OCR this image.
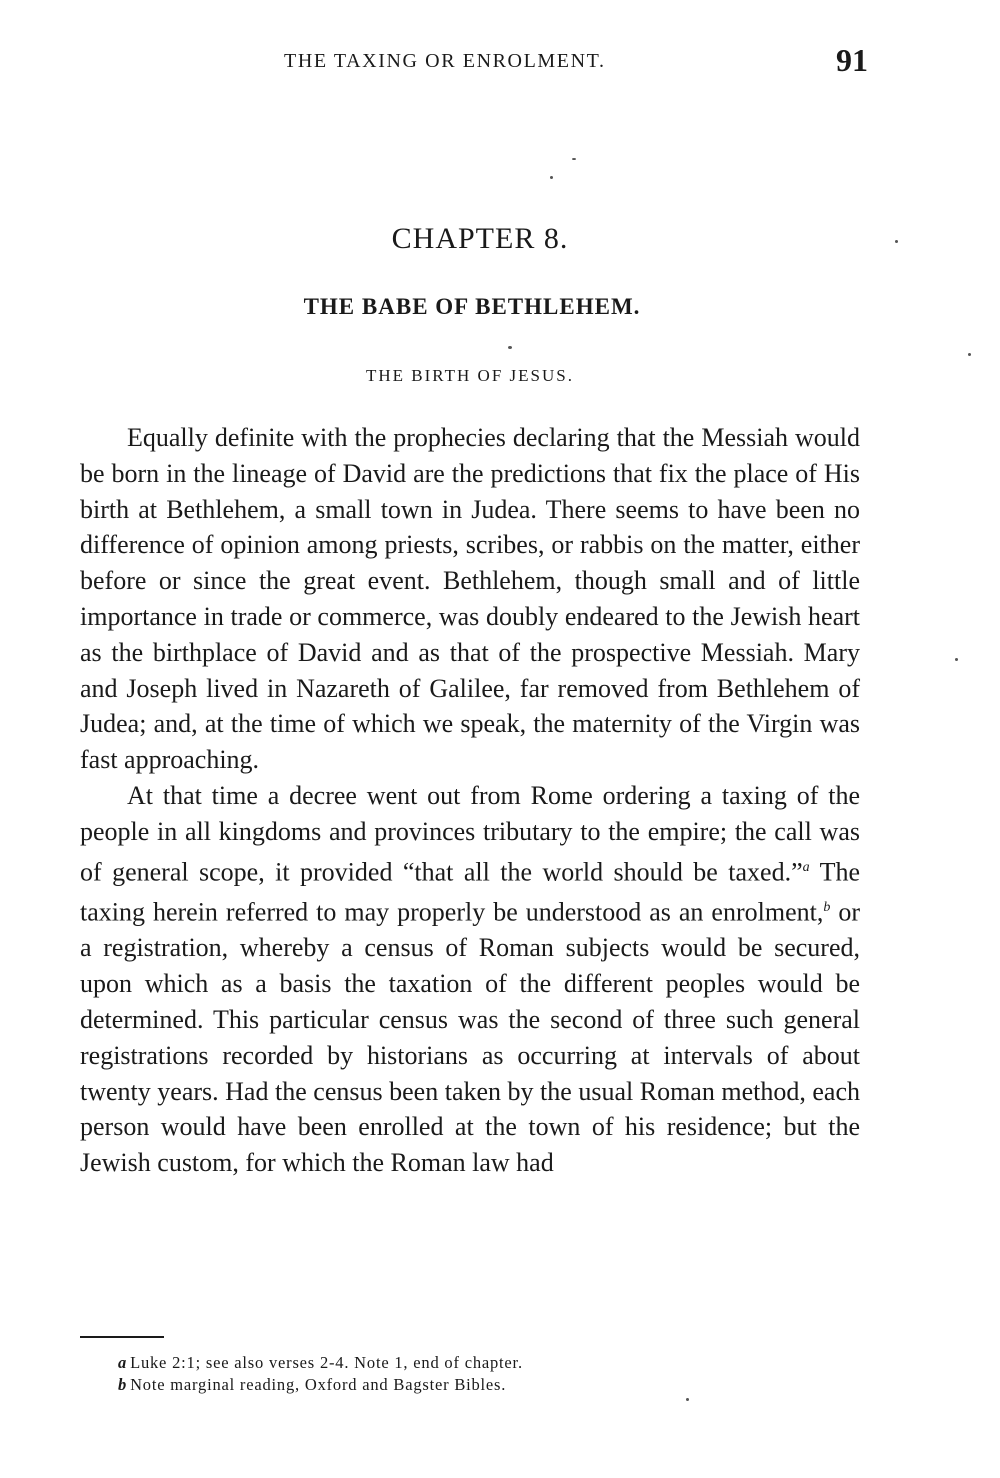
THE TAXING OR ENROLMENT.	91
CHAPTER 8.
THE BABE OF BETHLEHEM.
THE BIRTH OF JESUS.

Equally definite with the prophecies declaring that the Messiah would be born in the lineage of David are the predictions that fix the place of His birth at Bethlehem, a small town in Judea. There seems to have been no difference of opinion among priests, scribes, or rabbis on the matter, either before or since the great event. Bethlehem, though small and of little importance in trade or commerce, was doubly endeared to the Jewish heart as the birthplace of David and as that of the prospective Messiah. Mary and Joseph lived in Nazareth of Galilee, far removed from Bethlehem of Judea; and, at the time of which we speak, the maternity of the Virgin was fast approaching.

At that time a decree went out from Rome ordering a taxing of the people in all kingdoms and provinces tributary to the empire; the call was of general scope, it provided “that all the world should be taxed.”$^a$ The taxing herein referred to may properly be understood as an enrolment,$^b$ or a registration, whereby a census of Roman subjects would be secured, upon which as a basis the taxation of the different peoples would be determined. This particular census was the second of three such general registrations recorded by historians as occurring at intervals of about twenty years. Had the census been taken by the usual Roman method, each person would have been enrolled at the town of his residence; but the Jewish custom, for which the Roman law had

a Luke 2:1; see also verses 2-4. Note 1, end of chapter.
b Note marginal reading, Oxford and Bagster Bibles.
